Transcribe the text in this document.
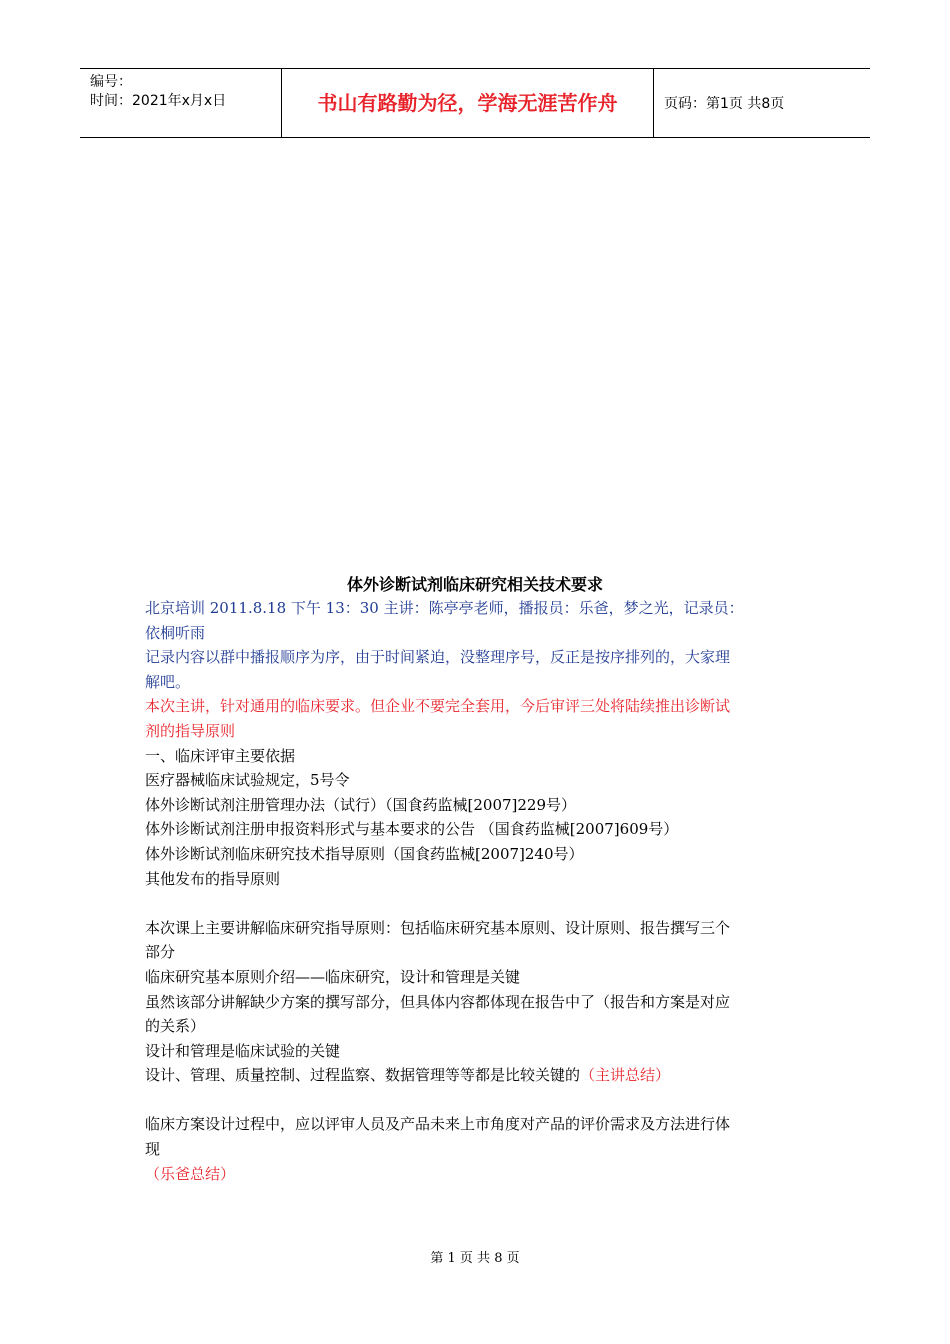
编号：
时间：2021年x月x日	书山有路勤为径，学海无涯苦作舟	页码：第1页 共8页
体外诊断试剂临床研究相关技术要求

北京培训 2011.8.18 下午 13：30 主讲：陈亭亭老师，播报员：乐爸，梦之光，记录员：

依桐听雨

记录内容以群中播报顺序为序，由于时间紧迫，没整理序号，反正是按序排列的，大家理

解吧。

本次主讲，针对通用的临床要求。但企业不要完全套用，今后审评三处将陆续推出诊断试

剂的指导原则

一、临床评审主要依据

医疗器械临床试验规定，5号令

体外诊断试剂注册管理办法（试行）（国食药监械[2007]229号）

体外诊断试剂注册申报资料形式与基本要求的公告 （国食药监械[2007]609号）

体外诊断试剂临床研究技术指导原则（国食药监械[2007]240号）

其他发布的指导原则

本次课上主要讲解临床研究指导原则：包括临床研究基本原则、设计原则、报告撰写三个

部分

临床研究基本原则介绍——临床研究，设计和管理是关键

虽然该部分讲解缺少方案的撰写部分，但具体内容都体现在报告中了（报告和方案是对应

的关系）

设计和管理是临床试验的关键

设计、管理、质量控制、过程监察、数据管理等等都是比较关键的（主讲总结）

临床方案设计过程中，应以评审人员及产品未来上市角度对产品的评价需求及方法进行体

现

（乐爸总结）

第 1 页 共 8 页
